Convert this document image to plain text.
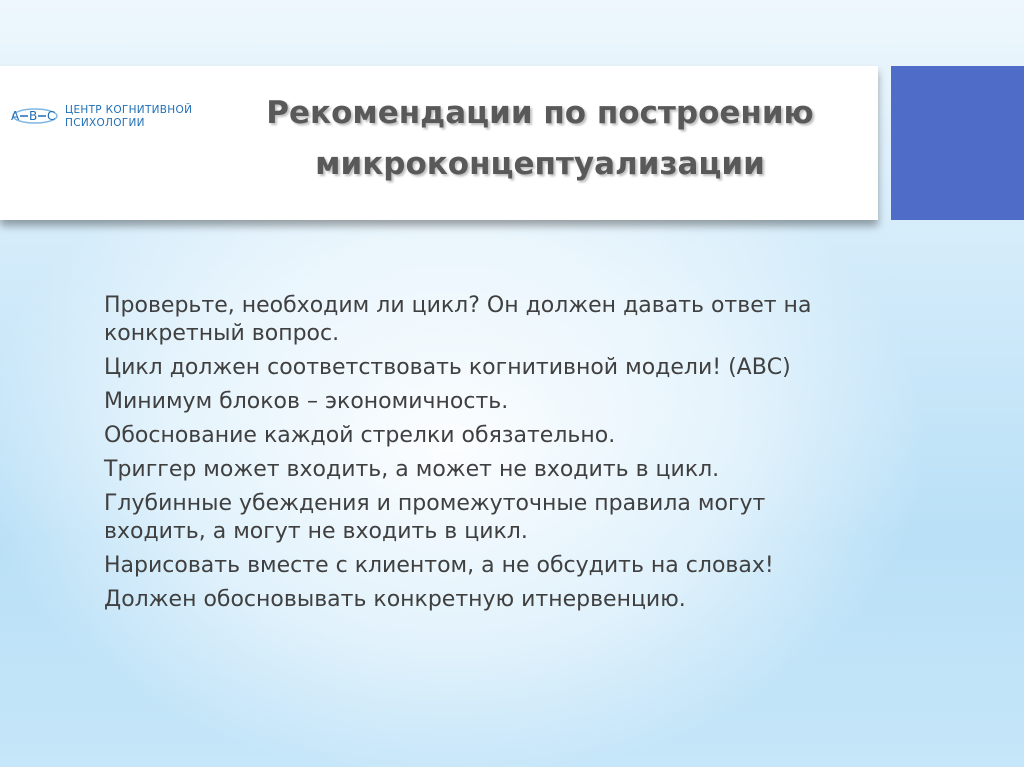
A B C ЦЕНТР КОГНИТИВНОЙ
ПСИХОЛОГИИ	Рекомендации по построению
микроконцептуализации
Проверьте, необходим ли цикл? Он должен давать ответ на
конкретный вопрос.
Цикл должен соответствовать когнитивной модели! (АВС)
Минимум блоков – экономичность.
Обоснование каждой стрелки обязательно.
Триггер может входить, а может не входить в цикл.
Глубинные убеждения и промежуточные правила могут
входить, а могут не входить в цикл.
Нарисовать вместе с клиентом, а не обсудить на словах!
Должен обосновывать конкретную итнервенцию.
